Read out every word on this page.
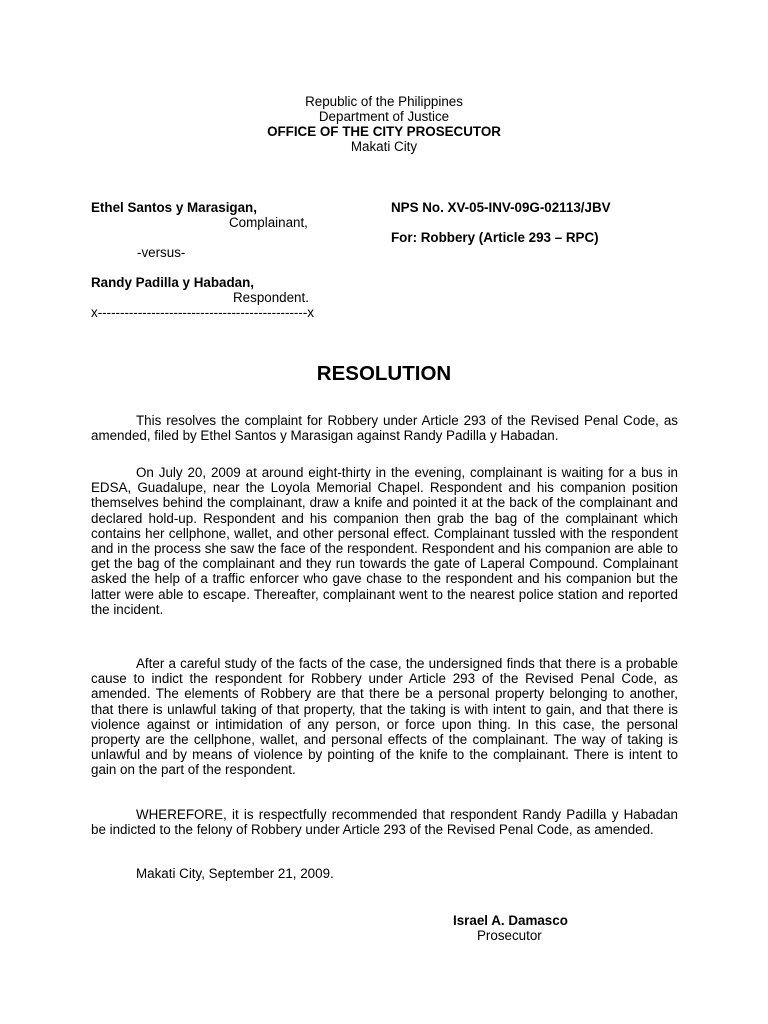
Republic of the Philippines

Department of Justice

OFFICE OF THE CITY PROSECUTOR

Makati City

Ethel Santos y Marasigan,

Complainant,

-versus-

Randy Padilla y Habadan,

Respondent.

x-----------------------------------------------x

NPS No. XV-05-INV-09G-02113/JBV

For: Robbery (Article 293 – RPC)

RESOLUTION

This resolves the complaint for Robbery under Article 293 of the Revised Penal Code, as amended, filed by Ethel Santos y Marasigan against Randy Padilla y Habadan.

On July 20, 2009 at around eight-thirty in the evening, complainant is waiting for a bus in EDSA, Guadalupe, near the Loyola Memorial Chapel. Respondent and his companion position themselves behind the complainant, draw a knife and pointed it at the back of the complainant and declared hold-up. Respondent and his companion then grab the bag of the complainant which contains her cellphone, wallet, and other personal effect. Complainant tussled with the respondent and in the process she saw the face of the respondent. Respondent and his companion are able to get the bag of the complainant and they run towards the gate of Laperal Compound. Complainant asked the help of a traffic enforcer who gave chase to the respondent and his companion but the latter were able to escape. Thereafter, complainant went to the nearest police station and reported the incident.

After a careful study of the facts of the case, the undersigned finds that there is a probable cause to indict the respondent for Robbery under Article 293 of the Revised Penal Code, as amended. The elements of Robbery are that there be a personal property belonging to another, that there is unlawful taking of that property, that the taking is with intent to gain, and that there is violence against or intimidation of any person, or force upon thing. In this case, the personal property are the cellphone, wallet, and personal effects of the complainant. The way of taking is unlawful and by means of violence by pointing of the knife to the complainant. There is intent to gain on the part of the respondent.

WHEREFORE, it is respectfully recommended that respondent Randy Padilla y Habadan be indicted to the felony of Robbery under Article 293 of the Revised Penal Code, as amended.

Makati City, September 21, 2009.

Israel A. Damasco

Prosecutor
